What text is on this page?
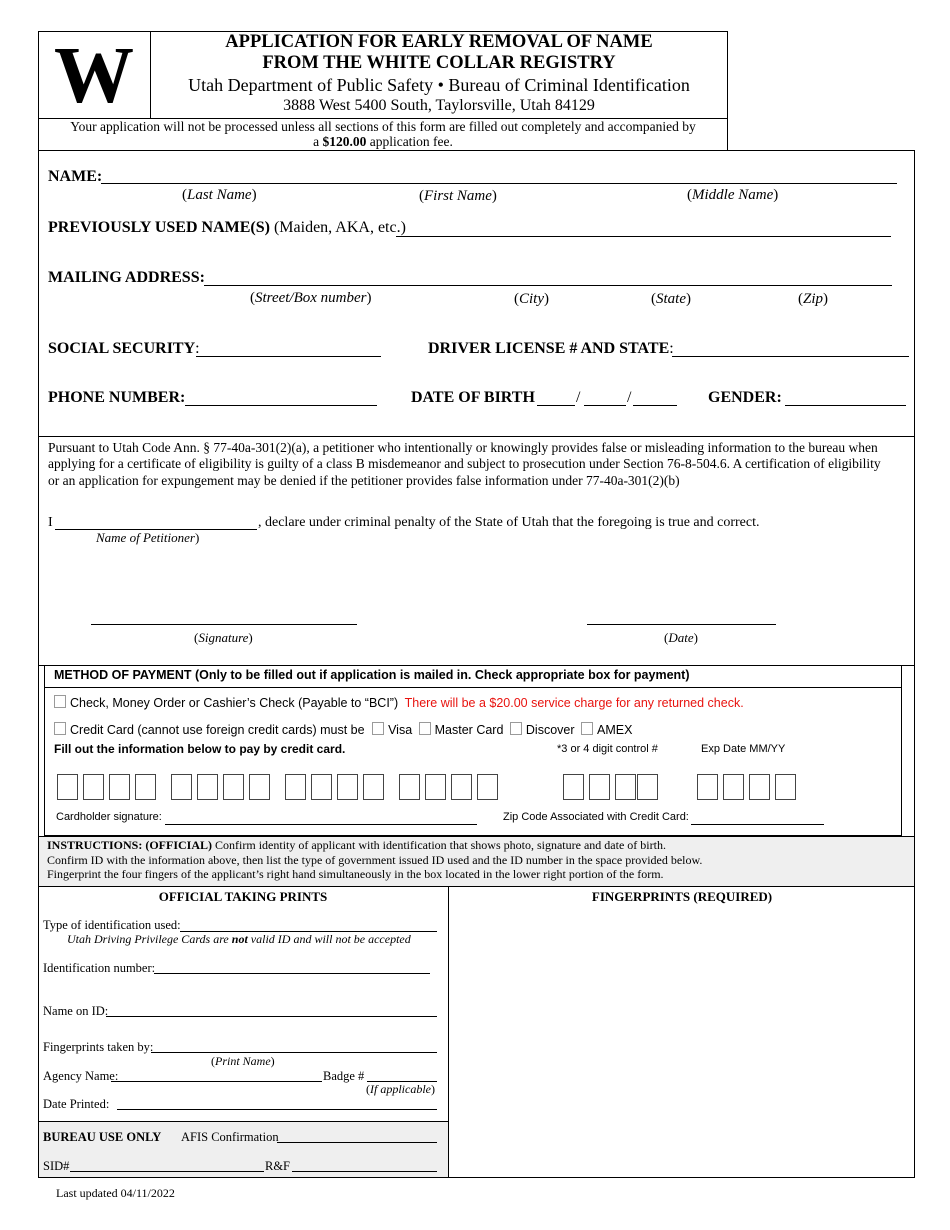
W	APPLICATION FOR EARLY REMOVAL OF NAME
FROM THE WHITE COLLAR REGISTRY
Utah Department of Public Safety • Bureau of Criminal Identification
3888 West 5400 South, Taylorsville, Utah 84129
Your application will not be processed unless all sections of this form are filled out completely and accompanied by
a $120.00 application fee.
NAME:
(Last Name)	(First Name)	(Middle Name)
PREVIOUSLY USED NAME(S) (Maiden, AKA, etc.)
MAILING ADDRESS:
(Street/Box number)	(City)	(State)	(Zip)
SOCIAL SECURITY:	DRIVER LICENSE # AND STATE:
PHONE NUMBER:	DATE OF BIRTH	/	/	GENDER:
Pursuant to Utah Code Ann. § 77-40a-301(2)(a), a petitioner who intentionally or knowingly provides false or misleading information to the bureau when applying for a certificate of eligibility is guilty of a class B misdemeanor and subject to prosecution under Section 76-8-504.6. A certification of eligibility or an application for expungement may be denied if the petitioner provides false information under 77-40a-301(2)(b)
I	, declare under criminal penalty of the State of Utah that the foregoing is true and correct.
Name of Petitioner)
(Signature)	(Date)
METHOD OF PAYMENT (Only to be filled out if application is mailed in. Check appropriate box for payment)
Check, Money Order or Cashier’s Check (Payable to “BCI”) There will be a $20.00 service charge for any returned check.
Credit Card (cannot use foreign credit cards) must be Visa Master Card Discover AMEX
Fill out the information below to pay by credit card.	*3 or 4 digit control #	Exp Date MM/YY
Cardholder signature:	Zip Code Associated with Credit Card:
INSTRUCTIONS: (OFFICIAL) Confirm identity of applicant with identification that shows photo, signature and date of birth.
Confirm ID with the information above, then list the type of government issued ID used and the ID number in the space provided below.
Fingerprint the four fingers of the applicant’s right hand simultaneously in the box located in the lower right portion of the form.
OFFICIAL TAKING PRINTS	FINGERPRINTS (REQUIRED)
Type of identification used:
Utah Driving Privilege Cards are not valid ID and will not be accepted
Identification number:
Name on ID:
Fingerprints taken by:
(Print Name)
Agency Name:	Badge #
(If applicable)
Date Printed:
BUREAU USE ONLY AFIS Confirmation
SID#	R&F
Last updated 04/11/2022
